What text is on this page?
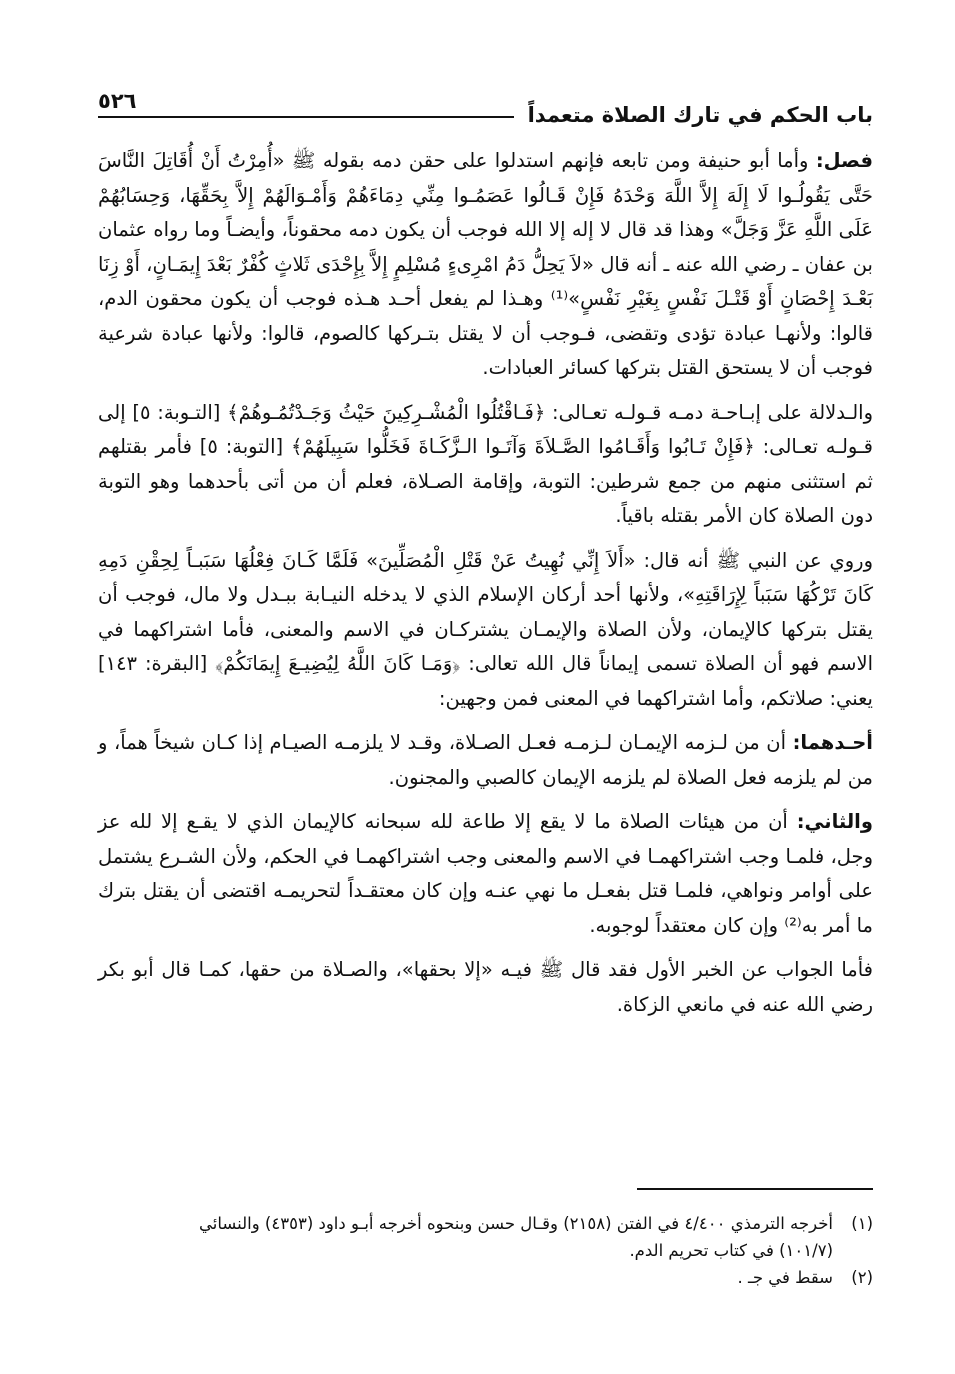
باب الحكم في تارك الصلاة متعمداً
٥٢٦

فصل: وأما أبو حنيفة ومن تابعه فإنهم استدلوا على حقن دمه بقوله ﷺ «أُمِرْتُ أَنْ أُقَاتِلَ النَّاسَ حَتَّى يَقُولُـوا لَا إِلَهَ إِلاَّ اللَّهَ وَحْدَهُ فَإِنْ قَـالُوا عَصَمُـوا مِنِّي دِمَاءَهُمْ وَأَمْـوَالَهُمْ إِلاَّ بِحَقِّهَا، وَحِسَابُهُمْ عَلَى اللَّهِ عَزَّ وَجَلَّ» وهذا قد قال لا إله إلا الله فوجب أن يكون دمه محقوناً، وأيضـاً وما رواه عثمان بن عفان ـ رضي الله عنه ـ أنه قال «لاَ يَحِلُّ دَمُ امْرِىءٍ مُسْلِمٍ إِلاَّ بِإِحْدَى ثَلاثٍ كُفْرٌ بَعْدَ إِيمَـانٍ، أَوْ زِنَا بَعْـدَ إِحْصَانٍ أَوْ قَتْـلَ نَفْسٍ بِغَيْرِ نَفْسٍ»⁽¹⁾ وهـذا لم يفعل أحـد هـذه فوجب أن يكون محقون الدم، قالوا: ولأنهـا عبادة تؤدى وتقضى، فـوجب أن لا يقتل بتـركها كالصوم، قالوا: ولأنها عبادة شرعية فوجب أن لا يستحق القتل بتركها كسائر العبادات.

والـدلالة على إبـاحـة دمـه قـولـه تعـالى: ﴿فَـاقْتُلُوا الْمُشْـرِكِينَ حَيْثُ وَجَـدْتُمُـوهُمْ﴾ [التـوبة: ٥] إلى قـولـه تعـالى: ﴿فَإِنْ تَـابُوا وَأَقَـامُوا الصَّـلاَةَ وَآتَـوا الـزَّكَـاةَ فَخَلُّوا سَبِيلَهُمْ﴾ [التوبة: ٥] فأمر بقتلهم ثم استثنى منهم من جمع شرطين: التوبة، وإقامة الصـلاة، فعلم أن من أتى بأحدهما وهو التوبة دون الصلاة كان الأمر بقتله باقياً.

وروي عن النبي ﷺ أنه قال: «أَلاَ إِنِّي نُهِيتُ عَنْ قَتْلِ الْمُصَلِّينَ» فَلَمَّا كَـانَ فِعْلُهَا سَبَبـاً لِحِقْنِ دَمِهِ كَانَ تَرْكُهَا سَبَباً لِإِرَاقَتِهِ»، ولأنها أحد أركان الإسلام الذي لا يدخله النيـابة ببـدل ولا مال، فوجب أن يقتل بتركها كالإيمان، ولأن الصلاة والإيمـان يشتركـان في الاسم والمعنى، فأما اشتراكهما في الاسم فهو أن الصلاة تسمى إيماناً قال الله تعالى: ﴿وَمَـا كَانَ اللَّهُ لِيُضِيـعَ إِيمَانَكُمْ﴾ [البقرة: ١٤٣] يعني: صلاتكم، وأما اشتراكهما في المعنى فمن وجهين:

أحـدهما: أن من لـزمه الإيمـان لـزمـه فعـل الصـلاة، وقـد لا يلزمـه الصيـام إذا كـان شيخاً هماً، و من لم يلزمه فعل الصلاة لم يلزمه الإيمان كالصبي والمجنون.

والثاني: أن من هيئات الصلاة ما لا يقع إلا طاعة لله سبحانه كالإيمان الذي لا يقـع إلا لله عز وجل، فلمـا وجب اشتراكهمـا في الاسم والمعنى وجب اشتراكهمـا في الحكم، ولأن الشـرع يشتمل على أوامر ونواهي، فلمـا قتل بفعـل ما نهي عنـه وإن كان معتقـداً لتحريمـه اقتضى أن يقتل بترك ما أمر به⁽²⁾ وإن كان معتقداً لوجوبه.

فأما الجواب عن الخبر الأول فقد قال ﷺ فيـه «إلا بحقها»، والصـلاة من حقها، كمـا قال أبو بكر رضي الله عنه في مانعي الزكاة.

(١)أخرجه الترمذي ٤/٤٠٠ في الفتن (٢١٥٨) وقـال حسن وبنحوه أخرجه أبـو داود (٤٣٥٣) والنسائي

(١٠١/٧) في كتاب تحريم الدم.

(٢)سقط في جـ .
